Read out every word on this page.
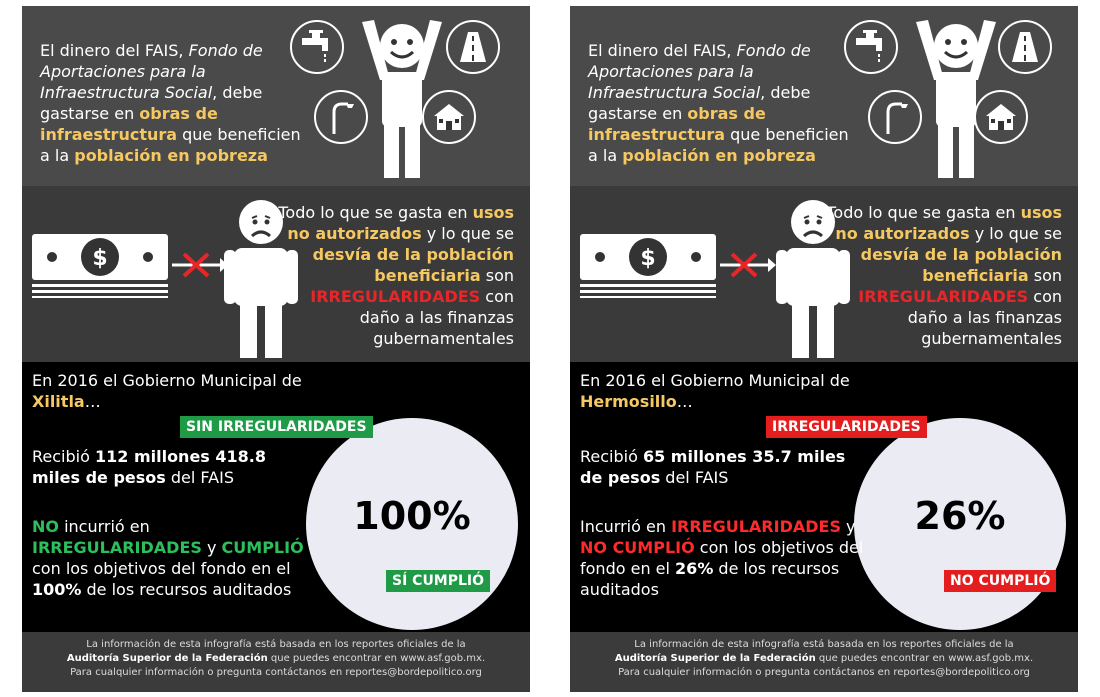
El dinero del FAIS, Fondo de Aportaciones para la Infraestructura Social, debe gastarse en obras de infraestructura que beneficien a la población en pobreza
$
Todo lo que se gasta en usos no autorizados y lo que se desvía de la población beneficiaria son IRREGULARIDADES con daño a las finanzas gubernamentales
En 2016 el Gobierno Municipal de Xilitla…
100%
SIN IRREGULARIDADES
Recibió 112 millones 418.8 miles de pesos del FAIS
NO incurrió en IRREGULARIDADES y CUMPLIÓ con los objetivos del fondo en el 100% de los recursos auditados	SÍ CUMPLIÓ
La información de esta infografía está basada en los reportes oficiales de la
Auditoría Superior de la Federación que puedes encontrar en www.asf.gob.mx.
Para cualquier información o pregunta contáctanos en reportes@bordepolitico.org
El dinero del FAIS, Fondo de Aportaciones para la Infraestructura Social, debe gastarse en obras de infraestructura que beneficien a la población en pobreza
$
Todo lo que se gasta en usos no autorizados y lo que se desvía de la población beneficiaria son IRREGULARIDADES con daño a las finanzas gubernamentales
En 2016 el Gobierno Municipal de Hermosillo…
26%
IRREGULARIDADES
Recibió 65 millones 35.7 miles de pesos del FAIS
Incurrió en IRREGULARIDADES y NO CUMPLIÓ con los objetivos del fondo en el 26% de los recursos auditados	NO CUMPLIÓ
La información de esta infografía está basada en los reportes oficiales de la
Auditoría Superior de la Federación que puedes encontrar en www.asf.gob.mx.
Para cualquier información o pregunta contáctanos en reportes@bordepolitico.org
